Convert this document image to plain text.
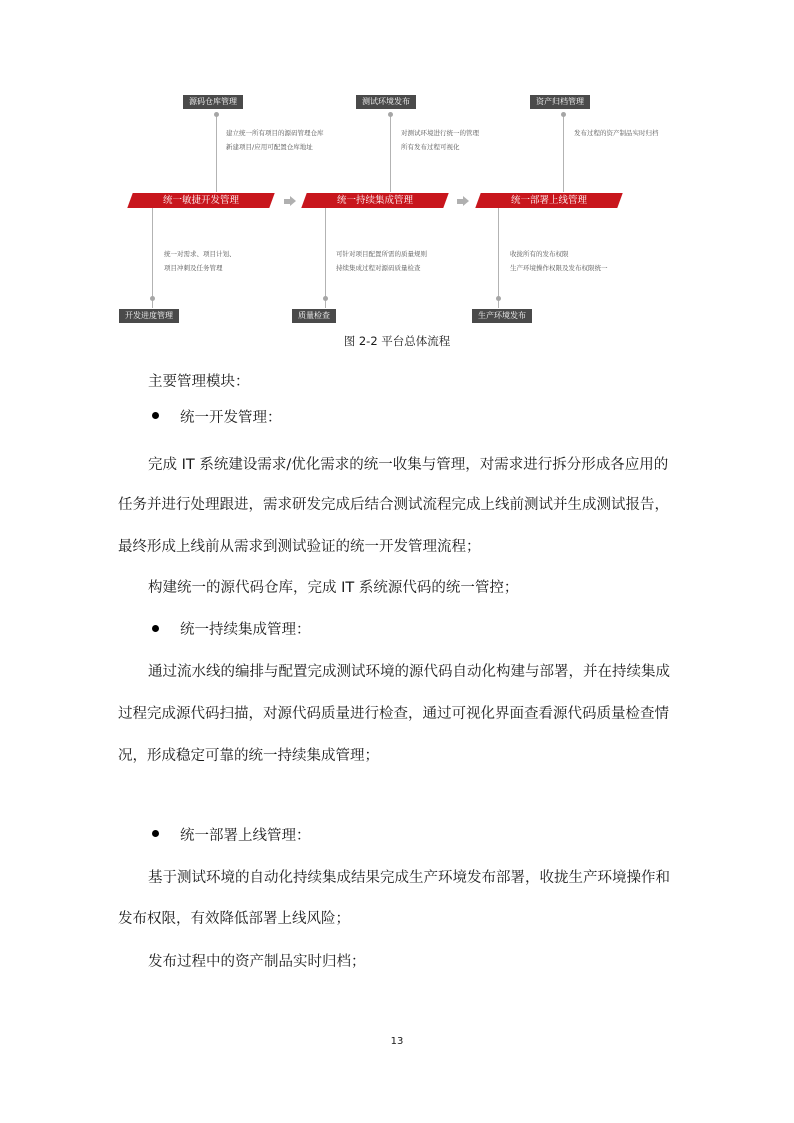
源码仓库管理	测试环境发布	资产归档管理
建立统一所有项目的源码管理仓库
新建项目/应用可配置仓库地址
对测试环境进行统一的管理
所有发布过程可视化
发布过程的资产制品实时归档
统一敏捷开发管理	统一持续集成管理	统一部署上线管理
统一对需求、项目计划、
项目冲刺及任务管理
可针对项目配置所需的质量规则
持续集成过程对源码质量检查
收拢所有的发布权限
生产环境操作权限及发布权限统一
开发进度管理	质量检查	生产环境发布
图 2-2 平台总体流程
主要管理模块：
统一开发管理：
完成 IT 系统建设需求/优化需求的统一收集与管理，对需求进行拆分形成各应用的
任务并进行处理跟进，需求研发完成后结合测试流程完成上线前测试并生成测试报告，
最终形成上线前从需求到测试验证的统一开发管理流程；
构建统一的源代码仓库，完成 IT 系统源代码的统一管控；
统一持续集成管理：
通过流水线的编排与配置完成测试环境的源代码自动化构建与部署，并在持续集成
过程完成源代码扫描，对源代码质量进行检查，通过可视化界面查看源代码质量检查情
况，形成稳定可靠的统一持续集成管理；
统一部署上线管理：
基于测试环境的自动化持续集成结果完成生产环境发布部署，收拢生产环境操作和
发布权限，有效降低部署上线风险；
发布过程中的资产制品实时归档；
13
